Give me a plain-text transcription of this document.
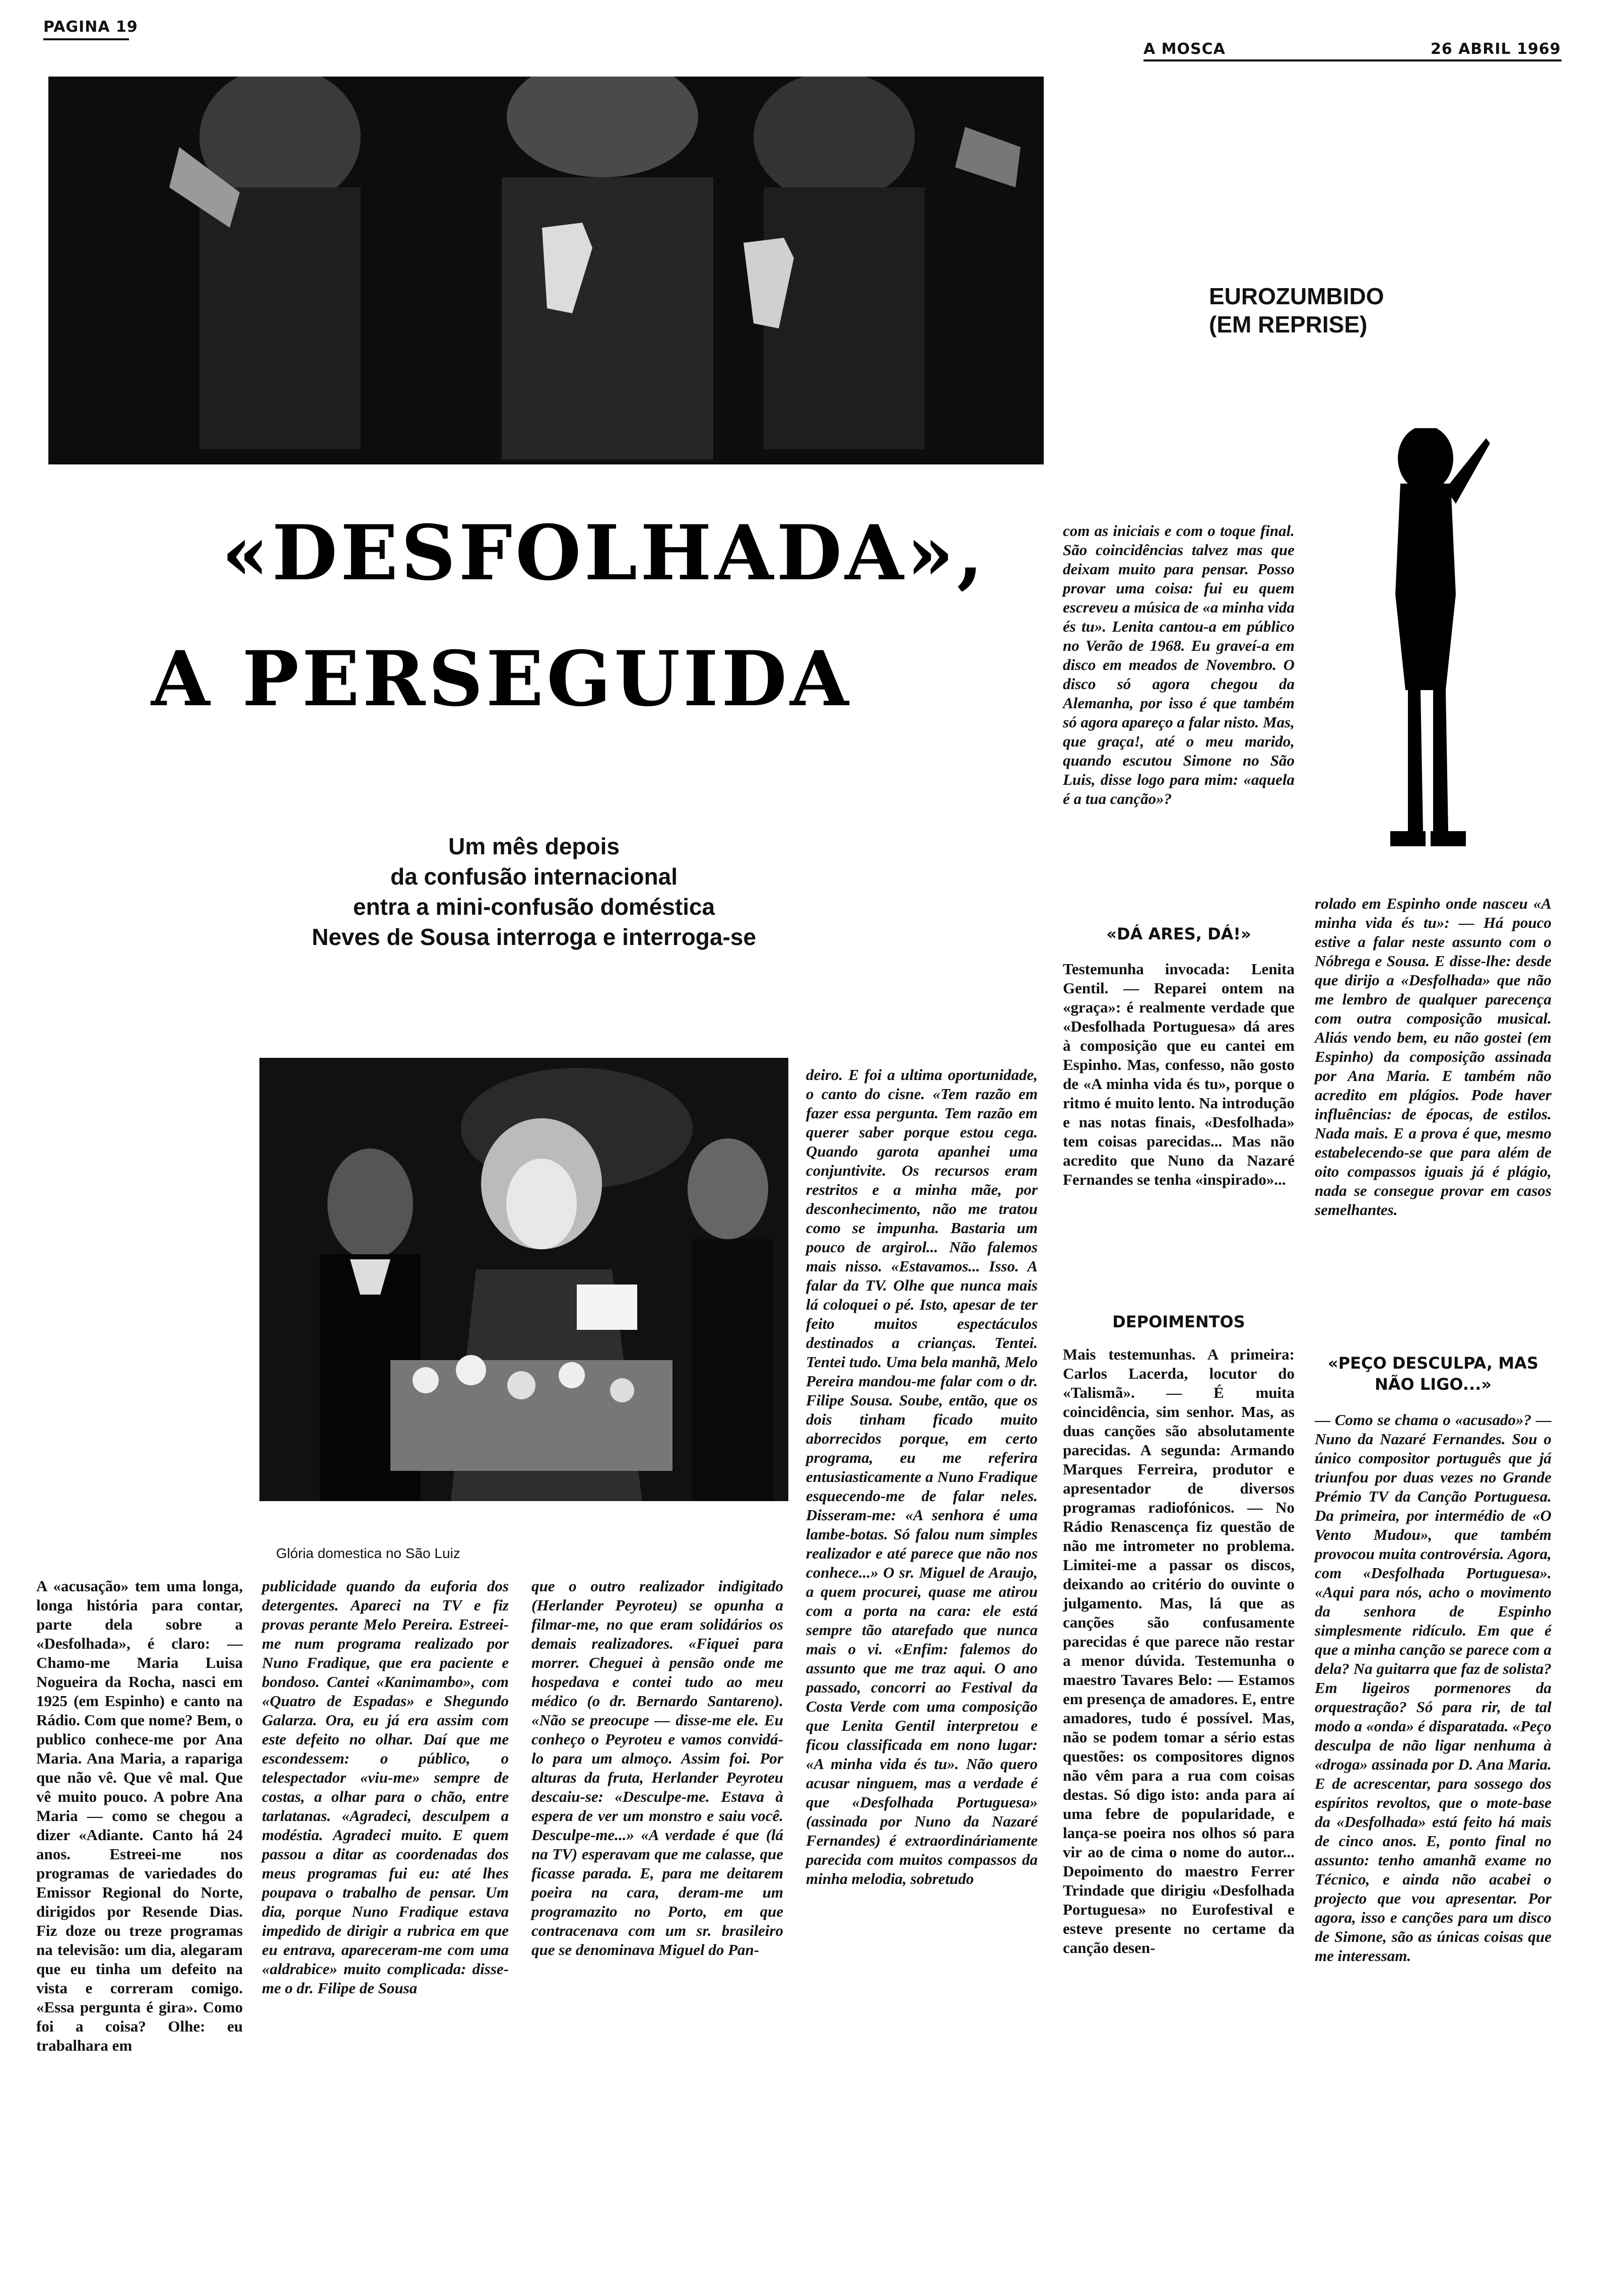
PAGINA 19
A MOSCA	26 ABRIL 1969
«DESFOLHADA»,
A PERSEGUIDA
Um mês depois
da confusão internacional
entra a mini-confusão doméstica
Neves de Sousa interroga e interroga-se
EUROZUMBIDO
(EM REPRISE)
Glória domestica no São Luiz
A «acusação» tem uma longa, longa história para contar, parte dela sobre a «Desfolhada», é claro: —Chamo-me Maria Luisa Nogueira da Rocha, nasci em 1925 (em Espinho) e canto na Rádio. Com que nome? Bem, o publico conhece-me por Ana Maria. Ana Maria, a rapariga que não vê. Que vê mal. Que vê muito pouco. A pobre Ana Maria — como se chegou a dizer «Adiante. Canto há 24 anos. Estreei-me nos programas de variedades do Emissor Regional do Norte, dirigidos por Resende Dias. Fiz doze ou treze programas na televisão: um dia, alegaram que eu tinha um defeito na vista e correram comigo. «Essa pergunta é gira». Como foi a coisa? Olhe: eu trabalhara em
publicidade quando da euforia dos detergentes. Apareci na TV e fiz provas perante Melo Pereira. Estreei-me num programa realizado por Nuno Fradique, que era paciente e bondoso. Cantei «Kanimambo», com «Quatro de Espadas» e Shegundo Galarza. Ora, eu já era assim com este defeito no olhar. Daí que me escondessem: o público, o telespectador «viu-me» sempre de costas, a olhar para o chão, entre tarlatanas. «Agradeci, desculpem a modéstia. Agradeci muito. E quem passou a ditar as coordenadas dos meus programas fui eu: até lhes poupava o trabalho de pensar. Um dia, porque Nuno Fradique estava impedido de dirigir a rubrica em que eu entrava, apareceram-me com uma «aldrabice» muito complicada: disse-me o dr. Filipe de Sousa
que o outro realizador indigitado (Herlander Peyroteu) se opunha a filmar-me, no que eram solidários os demais realizadores. «Fiquei para morrer. Cheguei à pensão onde me hospedava e contei tudo ao meu médico (o dr. Bernardo Santareno). «Não se preocupe — disse-me ele. Eu conheço o Peyroteu e vamos convidá-lo para um almoço. Assim foi. Por alturas da fruta, Herlander Peyroteu descaiu-se: «Desculpe-me. Estava à espera de ver um monstro e saiu você. Desculpe-me...» «A verdade é que (lá na TV) esperavam que me calasse, que ficasse parada. E, para me deitarem poeira na cara, deram-me um programazito no Porto, em que contracenava com um sr. brasileiro que se denominava Miguel do Pan-
deiro. E foi a ultima oportunidade, o canto do cisne. «Tem razão em fazer essa pergunta. Tem razão em querer saber porque estou cega. Quando garota apanhei uma conjuntivite. Os recursos eram restritos e a minha mãe, por desconhecimento, não me tratou como se impunha. Bastaria um pouco de argirol... Não falemos mais nisso. «Estavamos... Isso. A falar da TV. Olhe que nunca mais lá coloquei o pé. Isto, apesar de ter feito muitos espectáculos destinados a crianças. Tentei. Tentei tudo. Uma bela manhã, Melo Pereira mandou-me falar com o dr. Filipe Sousa. Soube, então, que os dois tinham ficado muito aborrecidos porque, em certo programa, eu me referira entusiasticamente a Nuno Fradique esquecendo-me de falar neles. Disseram-me: «A senhora é uma lambe-botas. Só falou num simples realizador e até parece que não nos conhece...» O sr. Miguel de Araujo, a quem procurei, quase me atirou com a porta na cara: ele está sempre tão atarefado que nunca mais o vi. «Enfim: falemos do assunto que me traz aqui. O ano passado, concorri ao Festival da Costa Verde com uma composição que Lenita Gentil interpretou e ficou classificada em nono lugar: «A minha vida és tu». Não quero acusar ninguem, mas a verdade é que «Desfolhada Portuguesa» (assinada por Nuno da Nazaré Fernandes) é extraordináriamente parecida com muitos compassos da minha melodia, sobretudo
com as iniciais e com o toque final. São coincidências talvez mas que deixam muito para pensar. Posso provar uma coisa: fui eu quem escreveu a música de «a minha vida és tu». Lenita cantou-a em público no Verão de 1968. Eu graveí-a em disco em meados de Novembro. O disco só agora chegou da Alemanha, por isso é que também só agora apareço a falar nisto. Mas, que graça!, até o meu marido, quando escutou Simone no São Luis, disse logo para mim: «aquela é a tua canção»?
«DÁ ARES, DÁ!»
Testemunha invocada: Lenita Gentil. — Reparei ontem na «graça»: é realmente verdade que «Desfolhada Portuguesa» dá ares à composição que eu cantei em Espinho. Mas, confesso, não gosto de «A minha vida és tu», porque o ritmo é muito lento. Na introdução e nas notas finais, «Desfolhada» tem coisas parecidas... Mas não acredito que Nuno da Nazaré Fernandes se tenha «inspirado»...
DEPOIMENTOS
Mais testemunhas. A primeira: Carlos Lacerda, locutor do «Talismã». — É muita coincidência, sim senhor. Mas, as duas canções são absolutamente parecidas. A segunda: Armando Marques Ferreira, produtor e apresentador de diversos programas radiofónicos. — No Rádio Renascença fiz questão de não me intrometer no problema. Limitei-me a passar os discos, deixando ao critério do ouvinte o julgamento. Mas, lá que as canções são confusamente parecidas é que parece não restar a menor dúvida. Testemunha o maestro Tavares Belo: — Estamos em presença de amadores. E, entre amadores, tudo é possível. Mas, não se podem tomar a sério estas questões: os compositores dignos não vêm para a rua com coisas destas. Só digo isto: anda para aí uma febre de popularidade, e lança-se poeira nos olhos só para vir ao de cima o nome do autor... Depoimento do maestro Ferrer Trindade que dirigiu «Desfolhada Portuguesa» no Eurofestival e esteve presente no certame da canção desen-
rolado em Espinho onde nasceu «A minha vida és tu»: — Há pouco estive a falar neste assunto com o Nóbrega e Sousa. E disse-lhe: desde que dirijo a «Desfolhada» que não me lembro de qualquer parecença com outra composição musical. Aliás vendo bem, eu não gostei (em Espinho) da composição assinada por Ana Maria. E também não acredito em plágios. Pode haver influências: de épocas, de estilos. Nada mais. E a prova é que, mesmo estabelecendo-se que para além de oito compassos iguais já é plágio, nada se consegue provar em casos semelhantes.
«PEÇO DESCULPA, MAS NÃO LIGO...»
— Como se chama o «acusado»? — Nuno da Nazaré Fernandes. Sou o único compositor português que já triunfou por duas vezes no Grande Prémio TV da Canção Portuguesa. Da primeira, por intermédio de «O Vento Mudou», que também provocou muita controvérsia. Agora, com «Desfolhada Portuguesa». «Aqui para nós, acho o movimento da senhora de Espinho simplesmente ridículo. Em que é que a minha canção se parece com a dela? Na guitarra que faz de solista? Em ligeiros pormenores da orquestração? Só para rir, de tal modo a «onda» é disparatada. «Peço desculpa de não ligar nenhuma à «droga» assinada por D. Ana Maria. E de acrescentar, para sossego dos espíritos revoltos, que o mote-base da «Desfolhada» está feito há mais de cinco anos. E, ponto final no assunto: tenho amanhã exame no Técnico, e ainda não acabei o projecto que vou apresentar. Por agora, isso e canções para um disco de Simone, são as únicas coisas que me interessam.
